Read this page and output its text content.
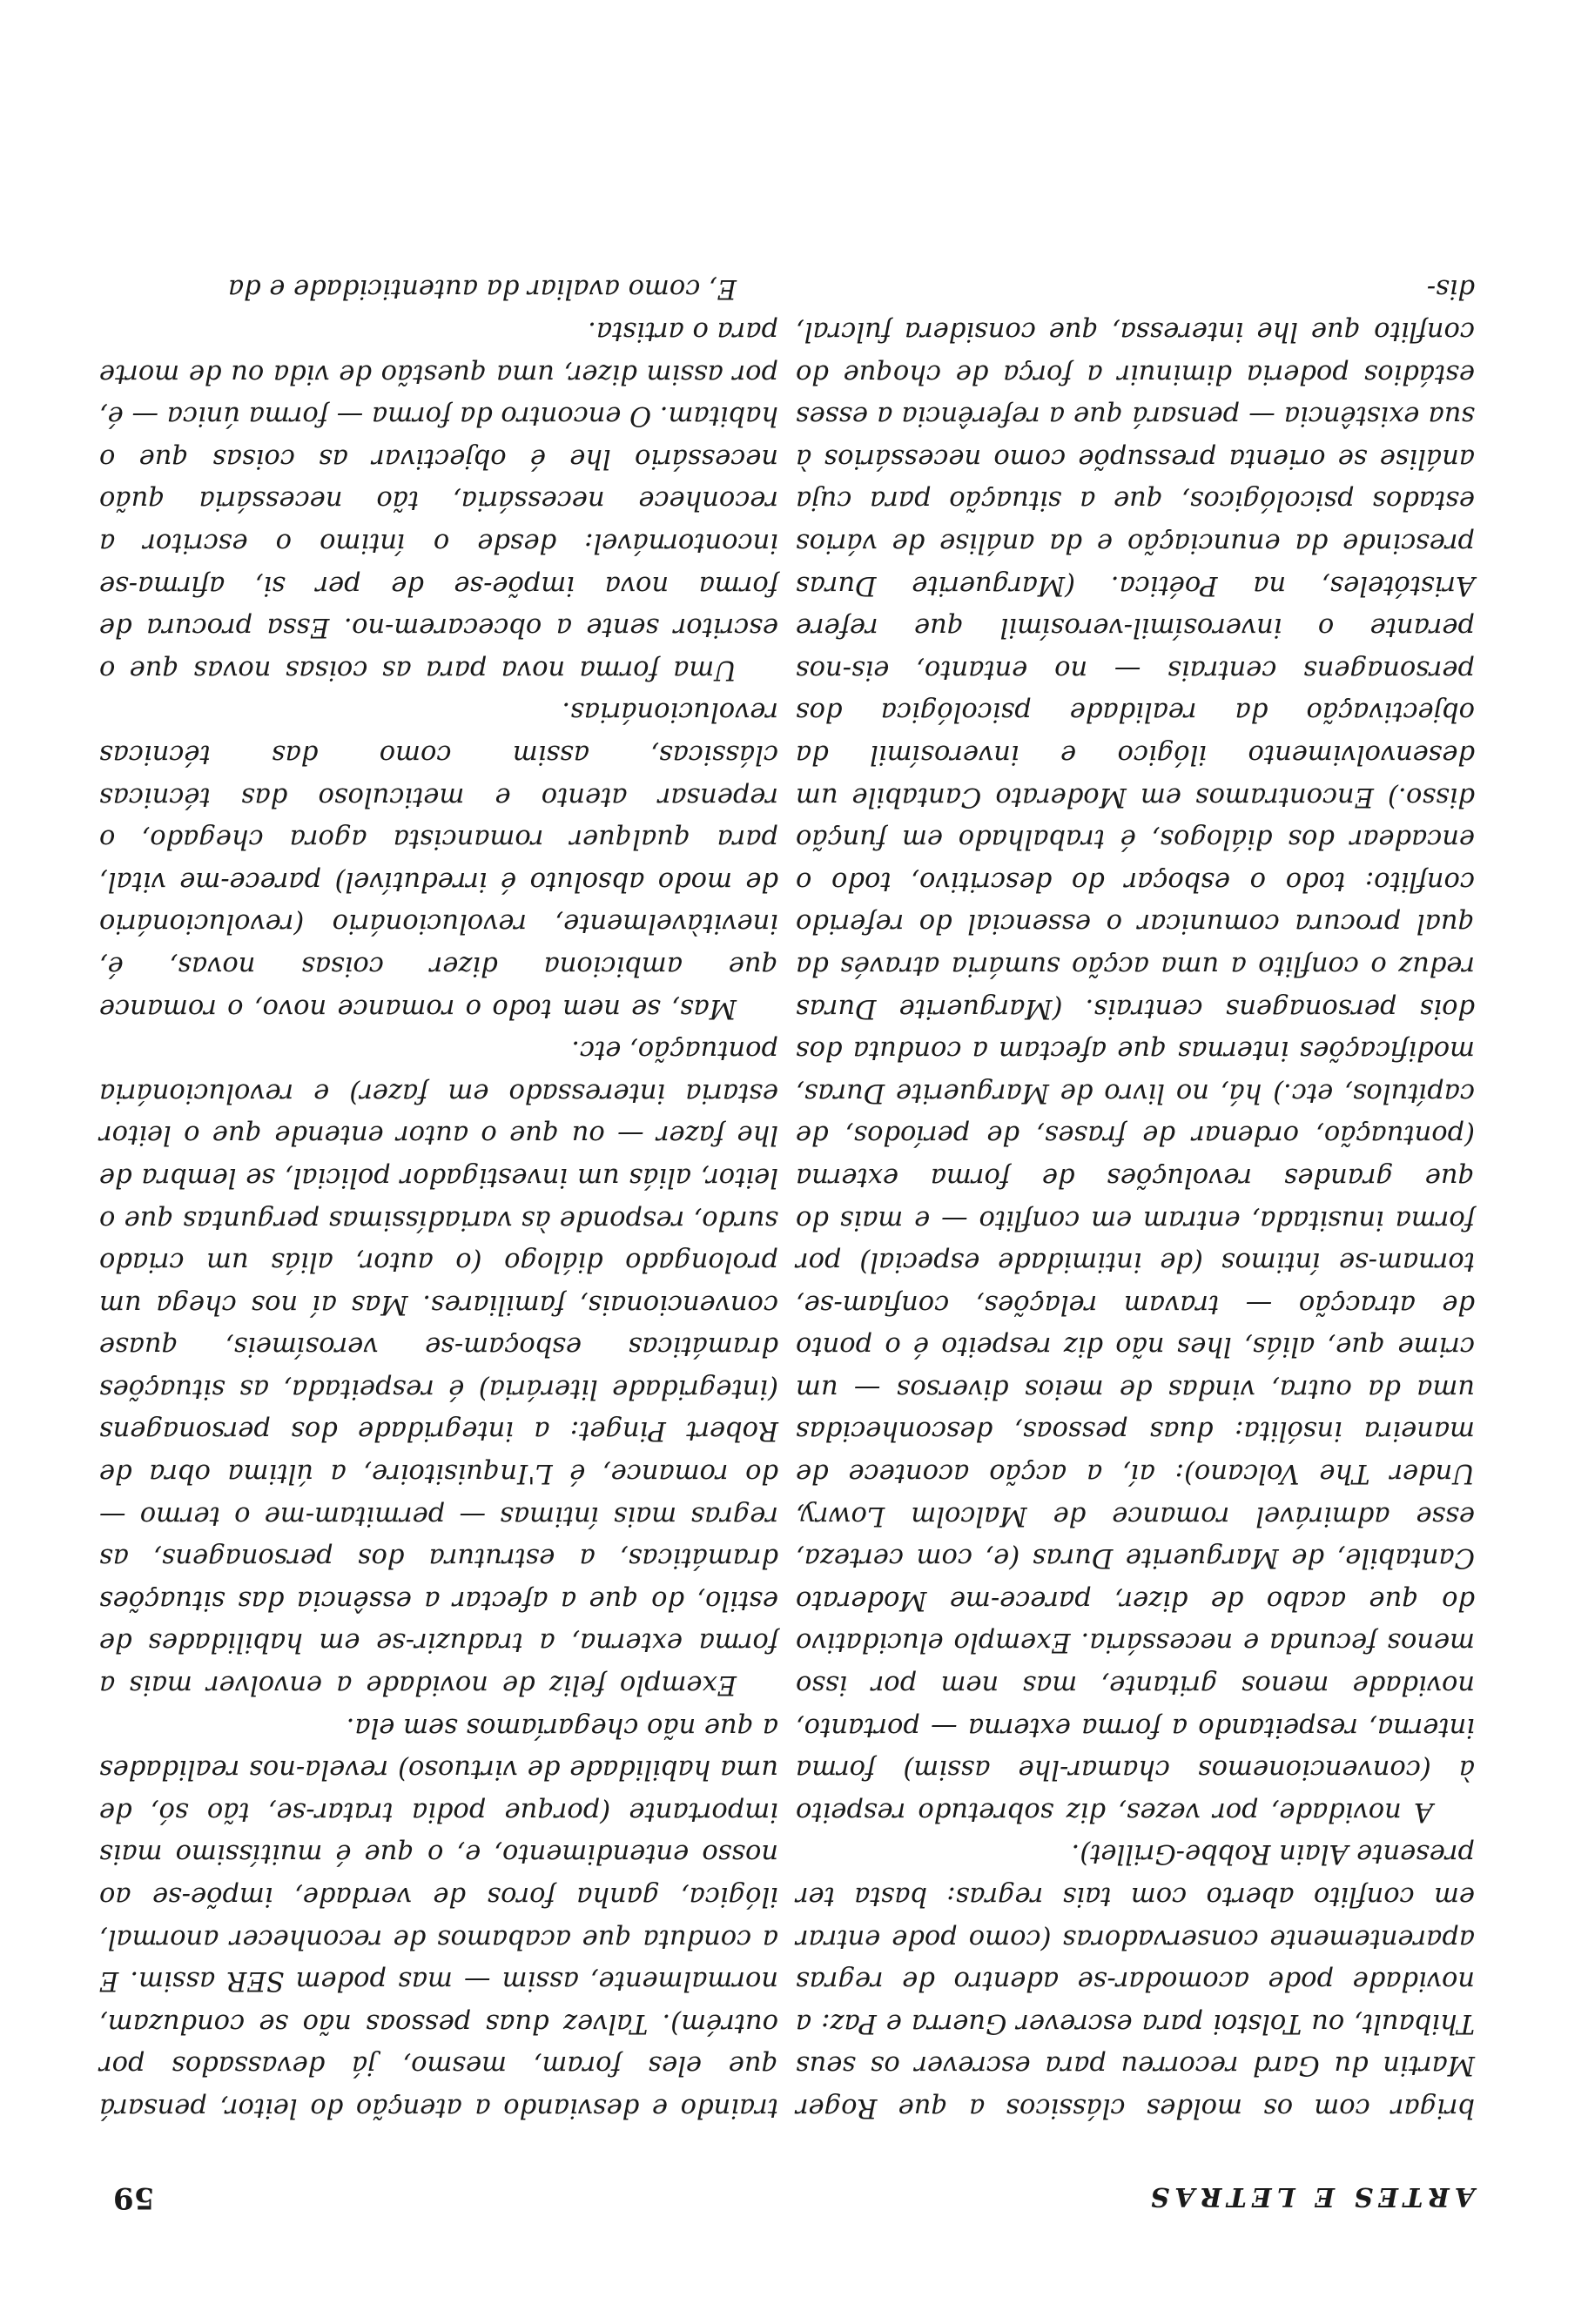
ARTES E LETRAS
59

brigar com os moldes clássicos a que Roger Martin du Gard recorreu para escrever os seus Thibault, ou Tolstoi para escrever Guerra e Paz: a novidade pode acomodar-se adentro de regras aparentemente conservadoras (como pode entrar em conflito aberto com tais regras: basta ter presente Alain Robbe-Grillet).

A novidade, por vezes, diz sobretudo respeito à (convencionemos chamar-lhe assim) forma interna, respeitando a forma externa — portanto, novidade menos gritante, mas nem por isso menos fecunda e necessária. Exemplo elucidativo do que acabo de dizer, parece-me Moderato Cantabile, de Marguerite Duras (e, com certeza, esse admirável romance de Malcolm Lowry, Under The Volcano): aí, a acção acontece de maneira insólita: duas pessoas, desconhecidas uma da outra, vindas de meios diversos — um crime que, aliás, lhes não diz respeito é o ponto de atracção — travam relações, confiam-se, tornam-se íntimos (de intimidade especial) por forma inusitada, entram em conflito — e mais do que grandes revoluções de forma externa (pontuação, ordenar de frases, de períodos, de capítulos, etc.) há, no livro de Marguerite Duras, modificações internas que afectam a conduta dos dois personagens centrais. (Marguerite Duras reduz o conflito a uma acção sumária através da qual procura comunicar o essencial do referido conflito: todo o esboçar do descritivo, todo o encadear dos diálogos, é trabalhado em função disso.) Encontramos em Moderato Cantabile um desenvolvimento ilógico e inverosímil da objectivação da realidade psicológica dos personagens centrais — no entanto, eis-nos perante o inverosímil-verosímil que refere Aristóteles, na Poética. (Marguerite Duras prescinde da enunciação e da análise de vários estados psicológicos, que a situação para cuja análise se orienta pressupõe como necessários à sua existência — pensará que a referência a esses estádios poderia diminuir a força de choque do conflito que lhe interessa, que considera fulcral, dis-

traindo e desviando a atenção do leitor, pensará que eles foram, mesmo, já devassados por outrém). Talvez duas pessoas não se conduzam, normalmente, assim — mas podem SER assim. E a conduta que acabamos de reconhecer anormal, ilógica, ganha foros de verdade, impõe-se ao nosso entendimento, e, o que é muitíssimo mais importante (porque podia tratar-se, tão só, de uma habilidade de virtuoso) revela-nos realidades a que não chegaríamos sem ela.

Exemplo feliz de novidade a envolver mais a forma externa, a traduzir-se em habilidades de estilo, do que a afectar a essência das situações dramáticas, a estrutura dos personagens, as regras mais íntimas — permitam-me o termo — do romance, é L'Inquisitoire, a última obra de Robert Pinget: a integridade dos personagens (integridade literária) é respeitada, as situações dramáticas esboçam-se verosímeis, quase convencionais, familiares. Mas aí nos chega um prolongado diálogo (o autor, aliás um criado surdo, responde às variadíssimas perguntas que o leitor, aliás um investigador policial, se lembra de lhe fazer — ou que o autor entende que o leitor estaria interessado em fazer) e revolucionária pontuação, etc.

Mas, se nem todo o romance novo, o romance que ambiciona dizer coisas novas, é, inevitàvelmente, revolucionário (revolucionário de modo absoluto é irredutível) parece-me vital, para qualquer romancista agora chegado, o repensar atento e meticuloso das técnicas clássicas, assim como das técnicas revolucionárias.

Uma forma nova para as coisas novas que o escritor sente a obcecarem-no. Essa procura de forma nova impõe-se de per si, afirma-se incontornável: desde o íntimo o escritor a reconhece necessária, tão necessária quão necessário lhe é objectivar as coisas que o habitam. O encontro da forma — forma única — é, por assim dizer, uma questão de vida ou de morte para o artista.

E, como avaliar da autenticidade e da
